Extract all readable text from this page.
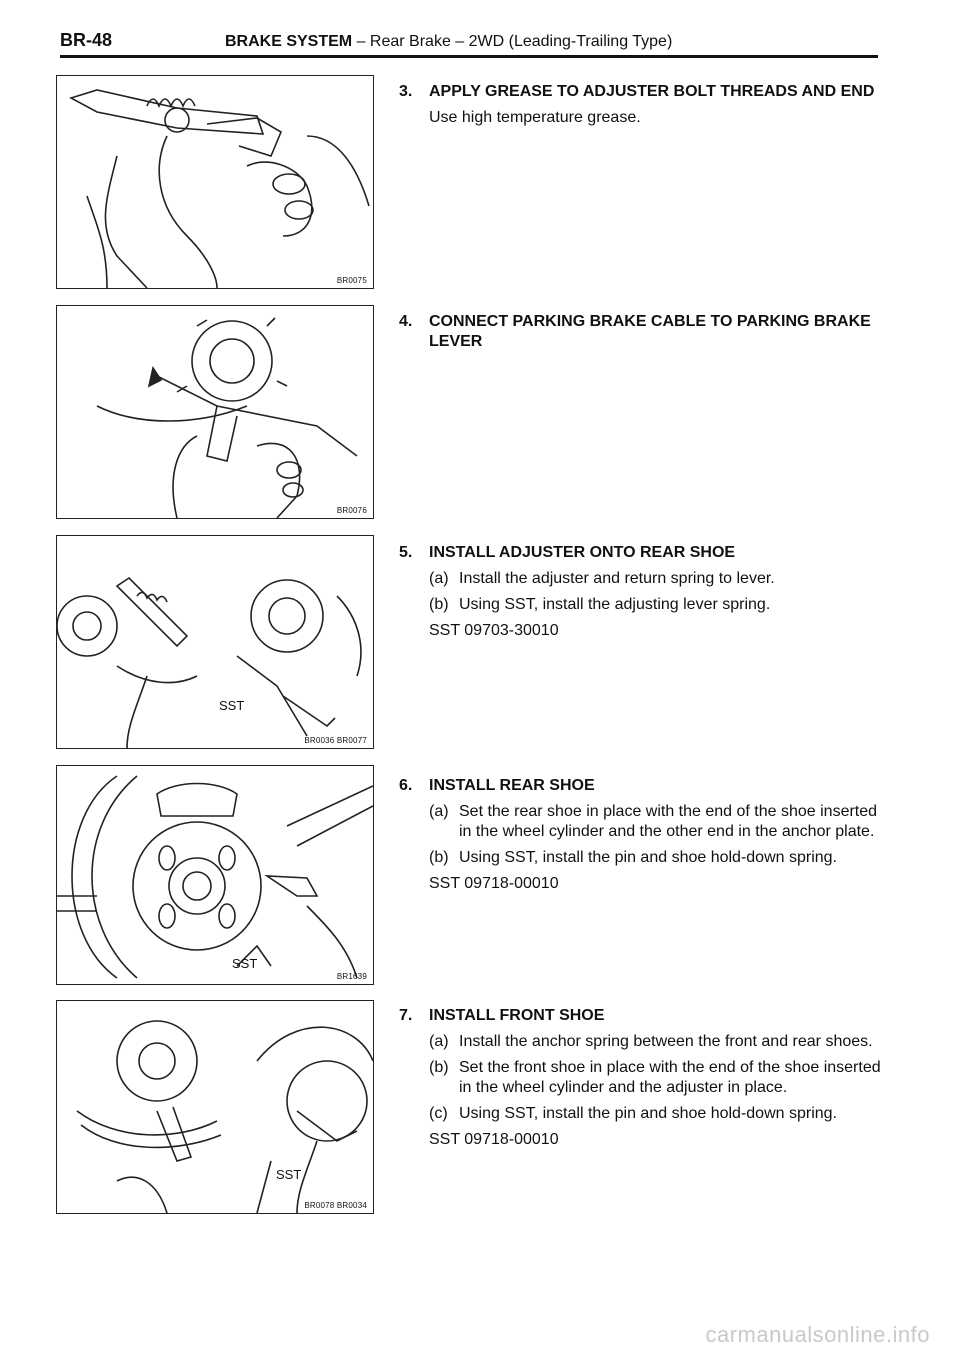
BR-48	BRAKE SYSTEM – Rear Brake – 2WD (Leading-Trailing Type)
BR0075
BR0076
SST
BR0036 BR0077
SST
BR1639
SST
BR0078 BR0034
3.	APPLY GREASE TO ADJUSTER BOLT THREADS AND END
Use high temperature grease.
4.	CONNECT PARKING BRAKE CABLE TO PARKING BRAKE LEVER
5.	INSTALL ADJUSTER ONTO REAR SHOE
(a) Install the adjuster and return spring to lever.
(b) Using SST, install the adjusting lever spring.
SST 09703-30010
6.	INSTALL REAR SHOE
(a) Set the rear shoe in place with the end of the shoe inserted in the wheel cylinder and the other end in the anchor plate.
(b) Using SST, install the pin and shoe hold-down spring.
SST 09718-00010
7.	INSTALL FRONT SHOE
(a) Install the anchor spring between the front and rear shoes.
(b) Set the front shoe in place with the end of the shoe inserted in the wheel cylinder and the adjuster in place.
(c) Using SST, install the pin and shoe hold-down spring.
SST 09718-00010
carmanualsonline.info
